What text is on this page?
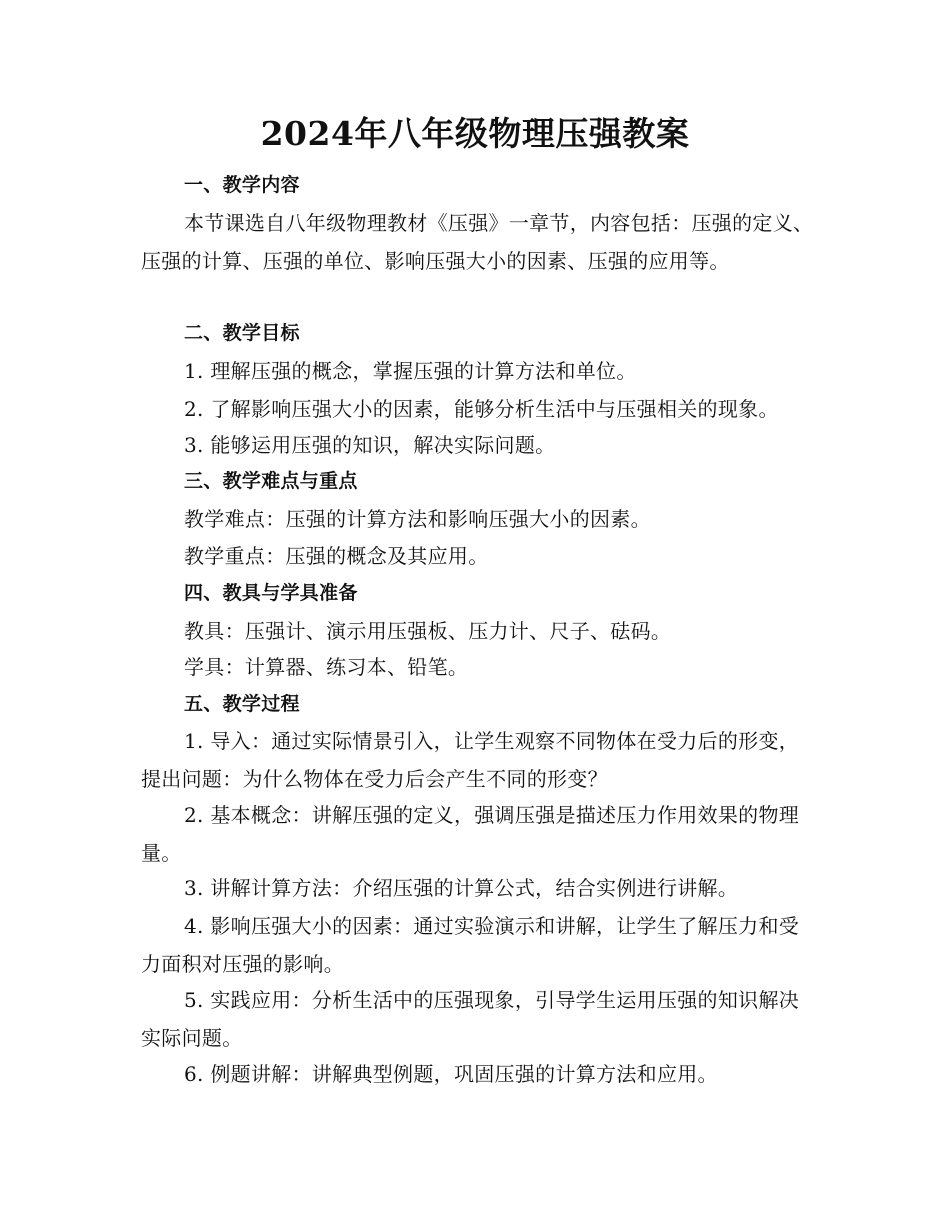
2024年八年级物理压强教案
一、教学内容
本节课选自八年级物理教材《压强》一章节，内容包括：压强的定义、压强的计算、压强的单位、影响压强大小的因素、压强的应用等。
二、教学目标
1. 理解压强的概念，掌握压强的计算方法和单位。
2. 了解影响压强大小的因素，能够分析生活中与压强相关的现象。
3. 能够运用压强的知识，解决实际问题。
三、教学难点与重点
教学难点：压强的计算方法和影响压强大小的因素。
教学重点：压强的概念及其应用。
四、教具与学具准备
教具：压强计、演示用压强板、压力计、尺子、砝码。
学具：计算器、练习本、铅笔。
五、教学过程
1. 导入：通过实际情景引入，让学生观察不同物体在受力后的形变，提出问题：为什么物体在受力后会产生不同的形变？
2. 基本概念：讲解压强的定义，强调压强是描述压力作用效果的物理量。
3. 讲解计算方法：介绍压强的计算公式，结合实例进行讲解。
4. 影响压强大小的因素：通过实验演示和讲解，让学生了解压力和受力面积对压强的影响。
5. 实践应用：分析生活中的压强现象，引导学生运用压强的知识解决实际问题。
6. 例题讲解：讲解典型例题，巩固压强的计算方法和应用。
